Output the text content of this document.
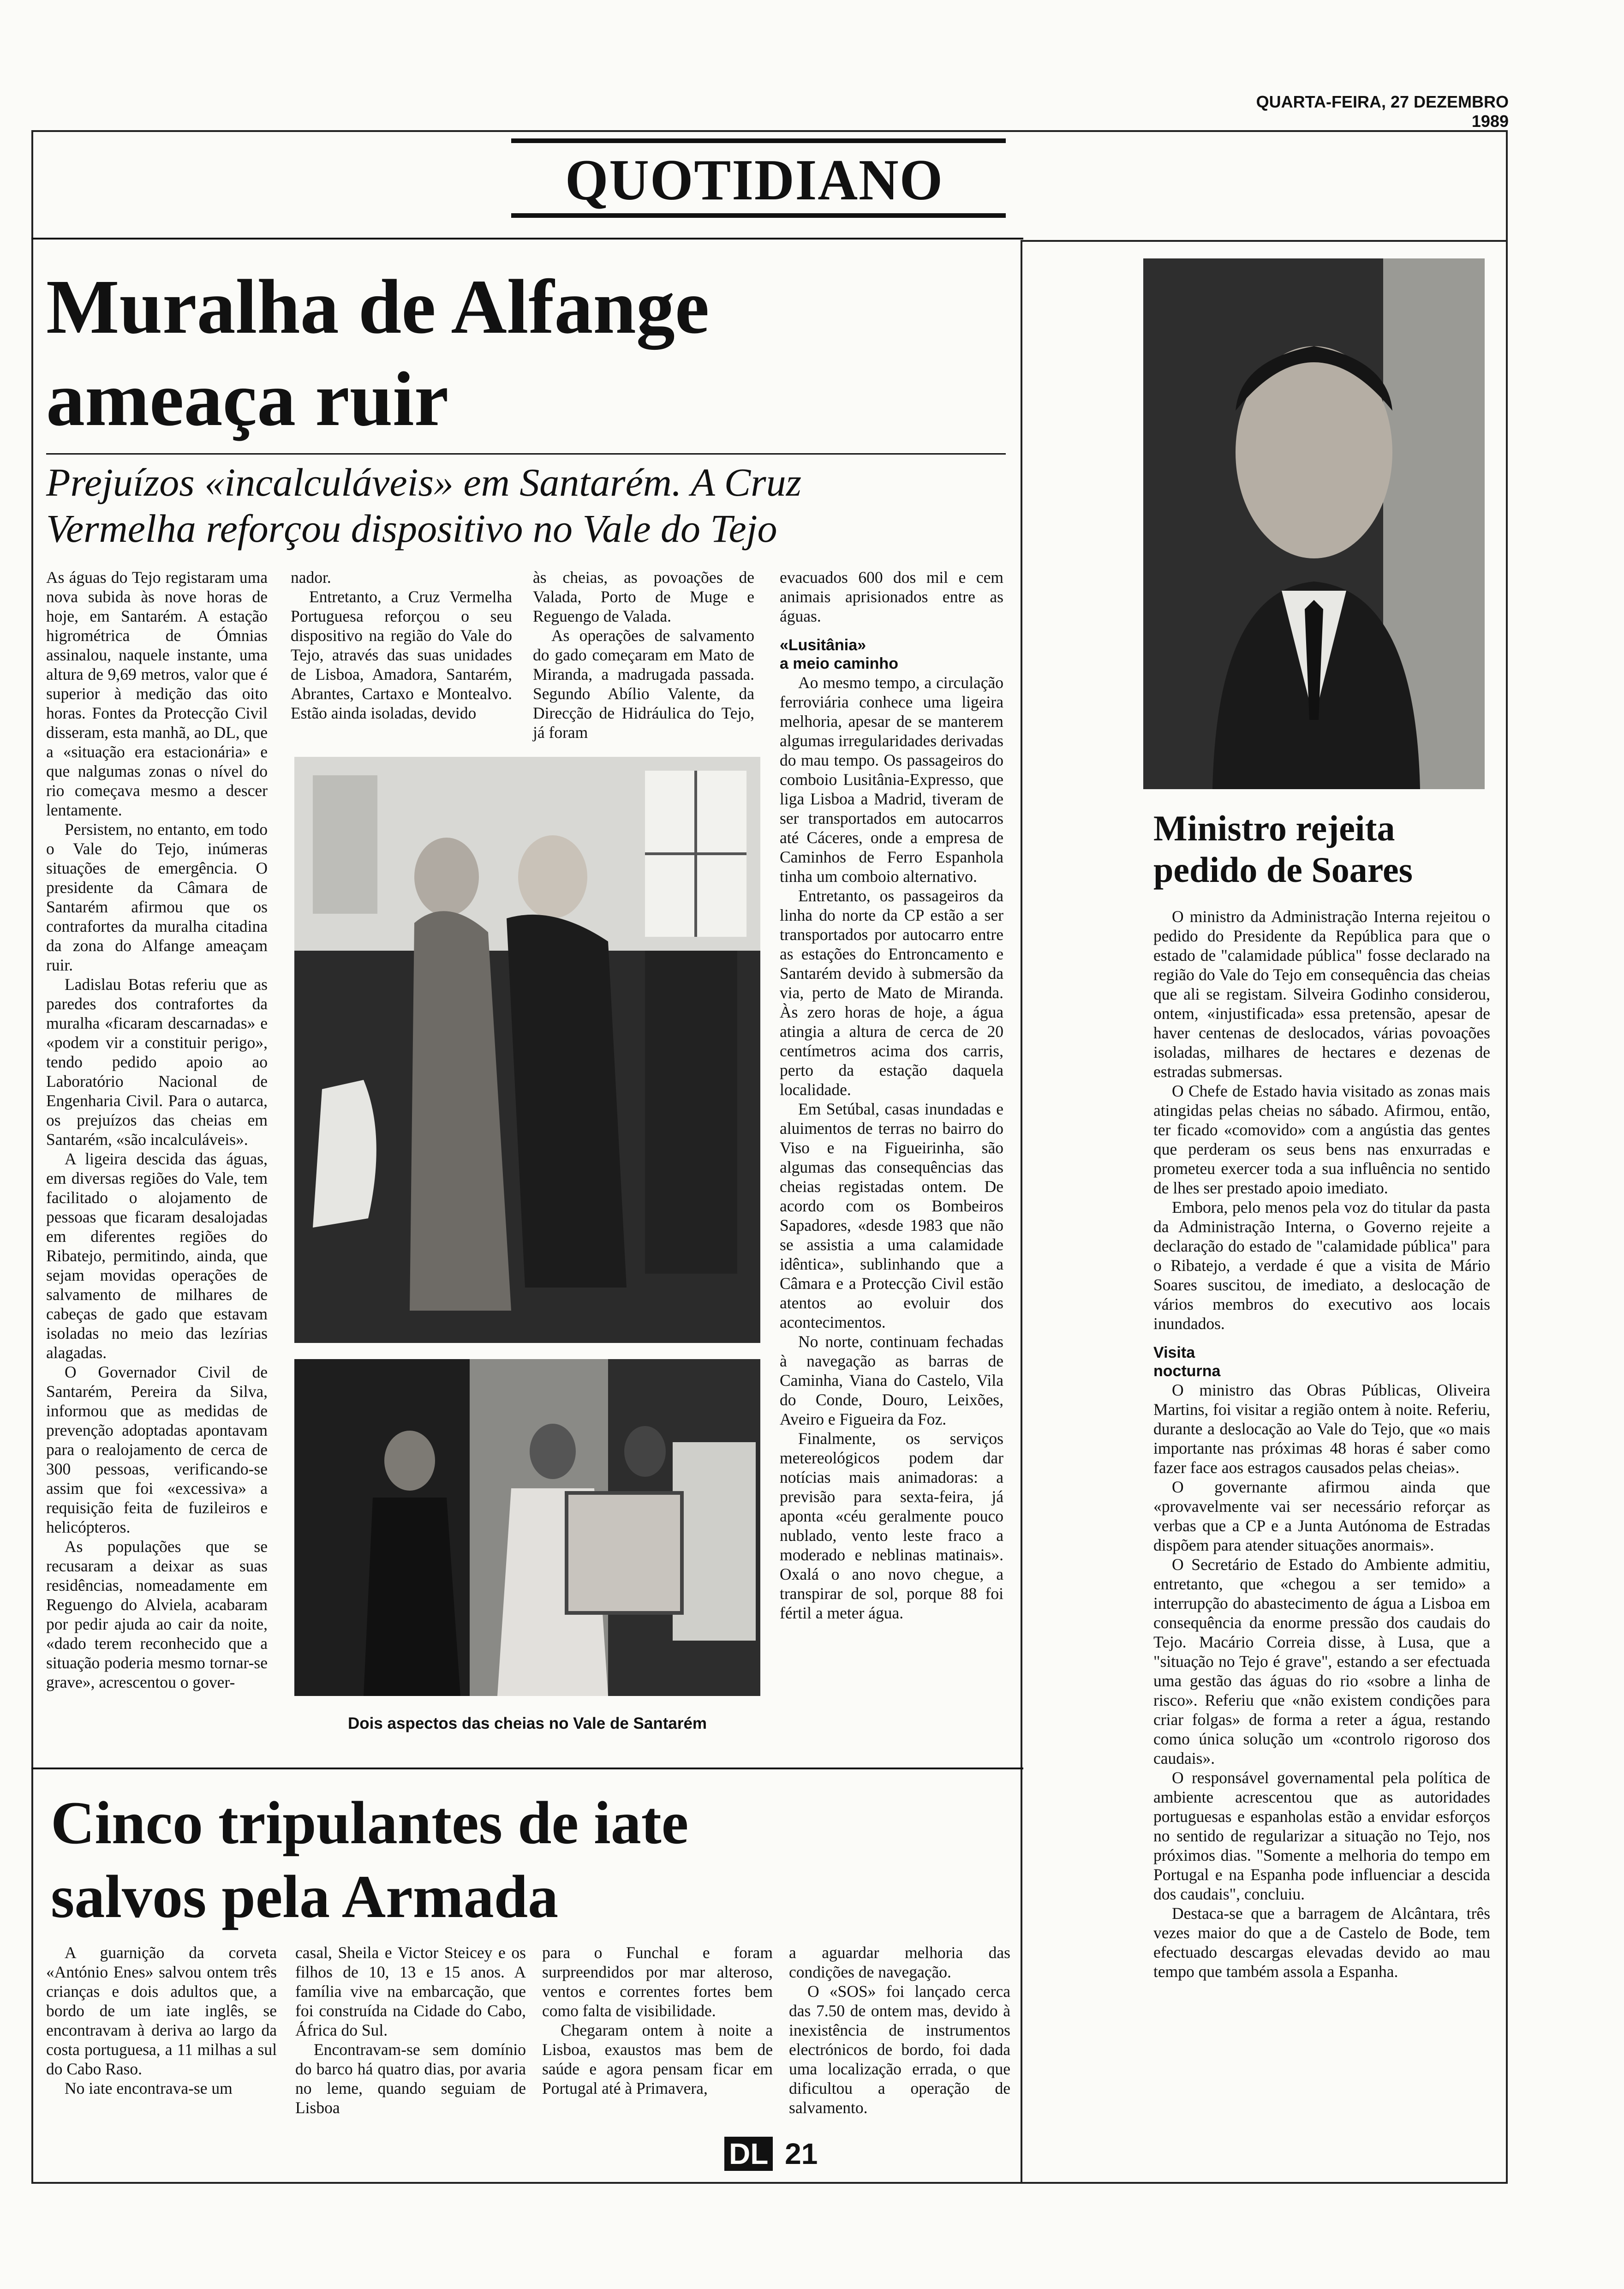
QUARTA-FEIRA, 27 DEZEMBRO 1989
QUOTIDIANO
Muralha de Alfange
ameaça ruir
Prejuízos «incalculáveis» em Santarém. A Cruz
Vermelha reforçou dispositivo no Vale do Tejo

As águas do Tejo registaram uma nova subida às nove horas de hoje, em Santarém. A estação higrométrica de Ómnias assinalou, naquele instante, uma altura de 9,69 metros, valor que é superior à medição das oito horas. Fontes da Protecção Civil disseram, esta manhã, ao DL, que a «situação era estacionária» e que nalgumas zonas o nível do rio começava mesmo a descer lentamente.

Persistem, no entanto, em todo o Vale do Tejo, inúmeras situações de emergência. O presidente da Câmara de Santarém afirmou que os contrafortes da muralha citadina da zona do Alfange ameaçam ruir.

Ladislau Botas referiu que as paredes dos contrafortes da muralha «ficaram descarnadas» e «podem vir a constituir perigo», tendo pedido apoio ao Laboratório Nacional de Engenharia Civil. Para o autarca, os prejuízos das cheias em Santarém, «são incalculáveis».

A ligeira descida das águas, em diversas regiões do Vale, tem facilitado o alojamento de pessoas que ficaram desalojadas em diferentes regiões do Ribatejo, permitindo, ainda, que sejam movidas operações de salvamento de milhares de cabeças de gado que estavam isoladas no meio das lezírias alagadas.

O Governador Civil de Santarém, Pereira da Silva, informou que as medidas de prevenção adoptadas apontavam para o realojamento de cerca de 300 pessoas, verificando-se assim que foi «excessiva» a requisição feita de fuzileiros e helicópteros.

As populações que se recusaram a deixar as suas residências, nomeadamente em Reguengo do Alviela, acabaram por pedir ajuda ao cair da noite, «dado terem reconhecido que a situação poderia mesmo tornar-se grave», acrescentou o gover-

nador.

Entretanto, a Cruz Vermelha Portuguesa reforçou o seu dispositivo na região do Vale do Tejo, através das suas unidades de Lisboa, Amadora, Santarém, Abrantes, Cartaxo e Montealvo. Estão ainda isoladas, devido

às cheias, as povoações de Valada, Porto de Muge e Reguengo de Valada.

As operações de salvamento do gado começaram em Mato de Miranda, a madrugada passada. Segundo Abílio Valente, da Direcção de Hidráulica do Tejo, já foram

Dois aspectos das cheias no Vale de Santarém

evacuados 600 dos mil e cem animais aprisionados entre as águas.

«Lusitânia»
a meio caminho

Ao mesmo tempo, a circulação ferroviária conhece uma ligeira melhoria, apesar de se manterem algumas irregularidades derivadas do mau tempo. Os passageiros do comboio Lusitânia-Expresso, que liga Lisboa a Madrid, tiveram de ser transportados em autocarros até Cáceres, onde a empresa de Caminhos de Ferro Espanhola tinha um comboio alternativo.

Entretanto, os passageiros da linha do norte da CP estão a ser transportados por autocarro entre as estações do Entroncamento e Santarém devido à submersão da via, perto de Mato de Miranda. Às zero horas de hoje, a água atingia a altura de cerca de 20 centímetros acima dos carris, perto da estação daquela localidade.

Em Setúbal, casas inundadas e aluimentos de terras no bairro do Viso e na Figueirinha, são algumas das consequências das cheias registadas ontem. De acordo com os Bombeiros Sapadores, «desde 1983 que não se assistia a uma calamidade idêntica», sublinhando que a Câmara e a Protecção Civil estão atentos ao evoluir dos acontecimentos.

No norte, continuam fechadas à navegação as barras de Caminha, Viana do Castelo, Vila do Conde, Douro, Leixões, Aveiro e Figueira da Foz.

Finalmente, os serviços metereológicos podem dar notícias mais animadoras: a previsão para sexta-feira, já aponta «céu geralmente pouco nublado, vento leste fraco a moderado e neblinas matinais». Oxalá o ano novo chegue, a transpirar de sol, porque 88 foi fértil a meter água.

Ministro rejeita
pedido de Soares

O ministro da Administração Interna rejeitou o pedido do Presidente da República para que o estado de "calamidade pública" fosse declarado na região do Vale do Tejo em consequência das cheias que ali se registam. Silveira Godinho considerou, ontem, «injustificada» essa pretensão, apesar de haver centenas de deslocados, várias povoações isoladas, milhares de hectares e dezenas de estradas submersas.

O Chefe de Estado havia visitado as zonas mais atingidas pelas cheias no sábado. Afirmou, então, ter ficado «comovido» com a angústia das gentes que perderam os seus bens nas enxurradas e prometeu exercer toda a sua influência no sentido de lhes ser prestado apoio imediato.

Embora, pelo menos pela voz do titular da pasta da Administração Interna, o Governo rejeite a declaração do estado de "calamidade pública" para o Ribatejo, a verdade é que a visita de Mário Soares suscitou, de imediato, a deslocação de vários membros do executivo aos locais inundados.

Visita
nocturna

O ministro das Obras Públicas, Oliveira Martins, foi visitar a região ontem à noite. Referiu, durante a deslocação ao Vale do Tejo, que «o mais importante nas próximas 48 horas é saber como fazer face aos estragos causados pelas cheias».

O governante afirmou ainda que «provavelmente vai ser necessário reforçar as verbas que a CP e a Junta Autónoma de Estradas dispõem para atender situações anormais».

O Secretário de Estado do Ambiente admitiu, entretanto, que «chegou a ser temido» a interrupção do abastecimento de água a Lisboa em consequência da enorme pressão dos caudais do Tejo. Macário Correia disse, à Lusa, que a "situação no Tejo é grave", estando a ser efectuada uma gestão das águas do rio «sobre a linha de risco». Referiu que «não existem condições para criar folgas» de forma a reter a água, restando como única solução um «controlo rigoroso dos caudais».

O responsável governamental pela política de ambiente acrescentou que as autoridades portuguesas e espanholas estão a envidar esforços no sentido de regularizar a situação no Tejo, nos próximos dias. "Somente a melhoria do tempo em Portugal e na Espanha pode influenciar a descida dos caudais", concluiu.

Destaca-se que a barragem de Alcântara, três vezes maior do que a de Castelo de Bode, tem efectuado descargas elevadas devido ao mau tempo que também assola a Espanha.

Cinco tripulantes de iate
salvos pela Armada

A guarnição da corveta «António Enes» salvou ontem três crianças e dois adultos que, a bordo de um iate inglês, se encontravam à deriva ao largo da costa portuguesa, a 11 milhas a sul do Cabo Raso.

No iate encontrava-se um

casal, Sheila e Victor Steicey e os filhos de 10, 13 e 15 anos. A família vive na embarcação, que foi construída na Cidade do Cabo, África do Sul.

Encontravam-se sem domínio do barco há quatro dias, por avaria no leme, quando seguiam de Lisboa

para o Funchal e foram surpreendidos por mar alteroso, ventos e correntes fortes bem como falta de visibilidade.

Chegaram ontem à noite a Lisboa, exaustos mas bem de saúde e agora pensam ficar em Portugal até à Primavera,

a aguardar melhoria das condições de navegação.

O «SOS» foi lançado cerca das 7.50 de ontem mas, devido à inexistência de instrumentos electrónicos de bordo, foi dada uma localização errada, o que dificultou a operação de salvamento.

DL 21
